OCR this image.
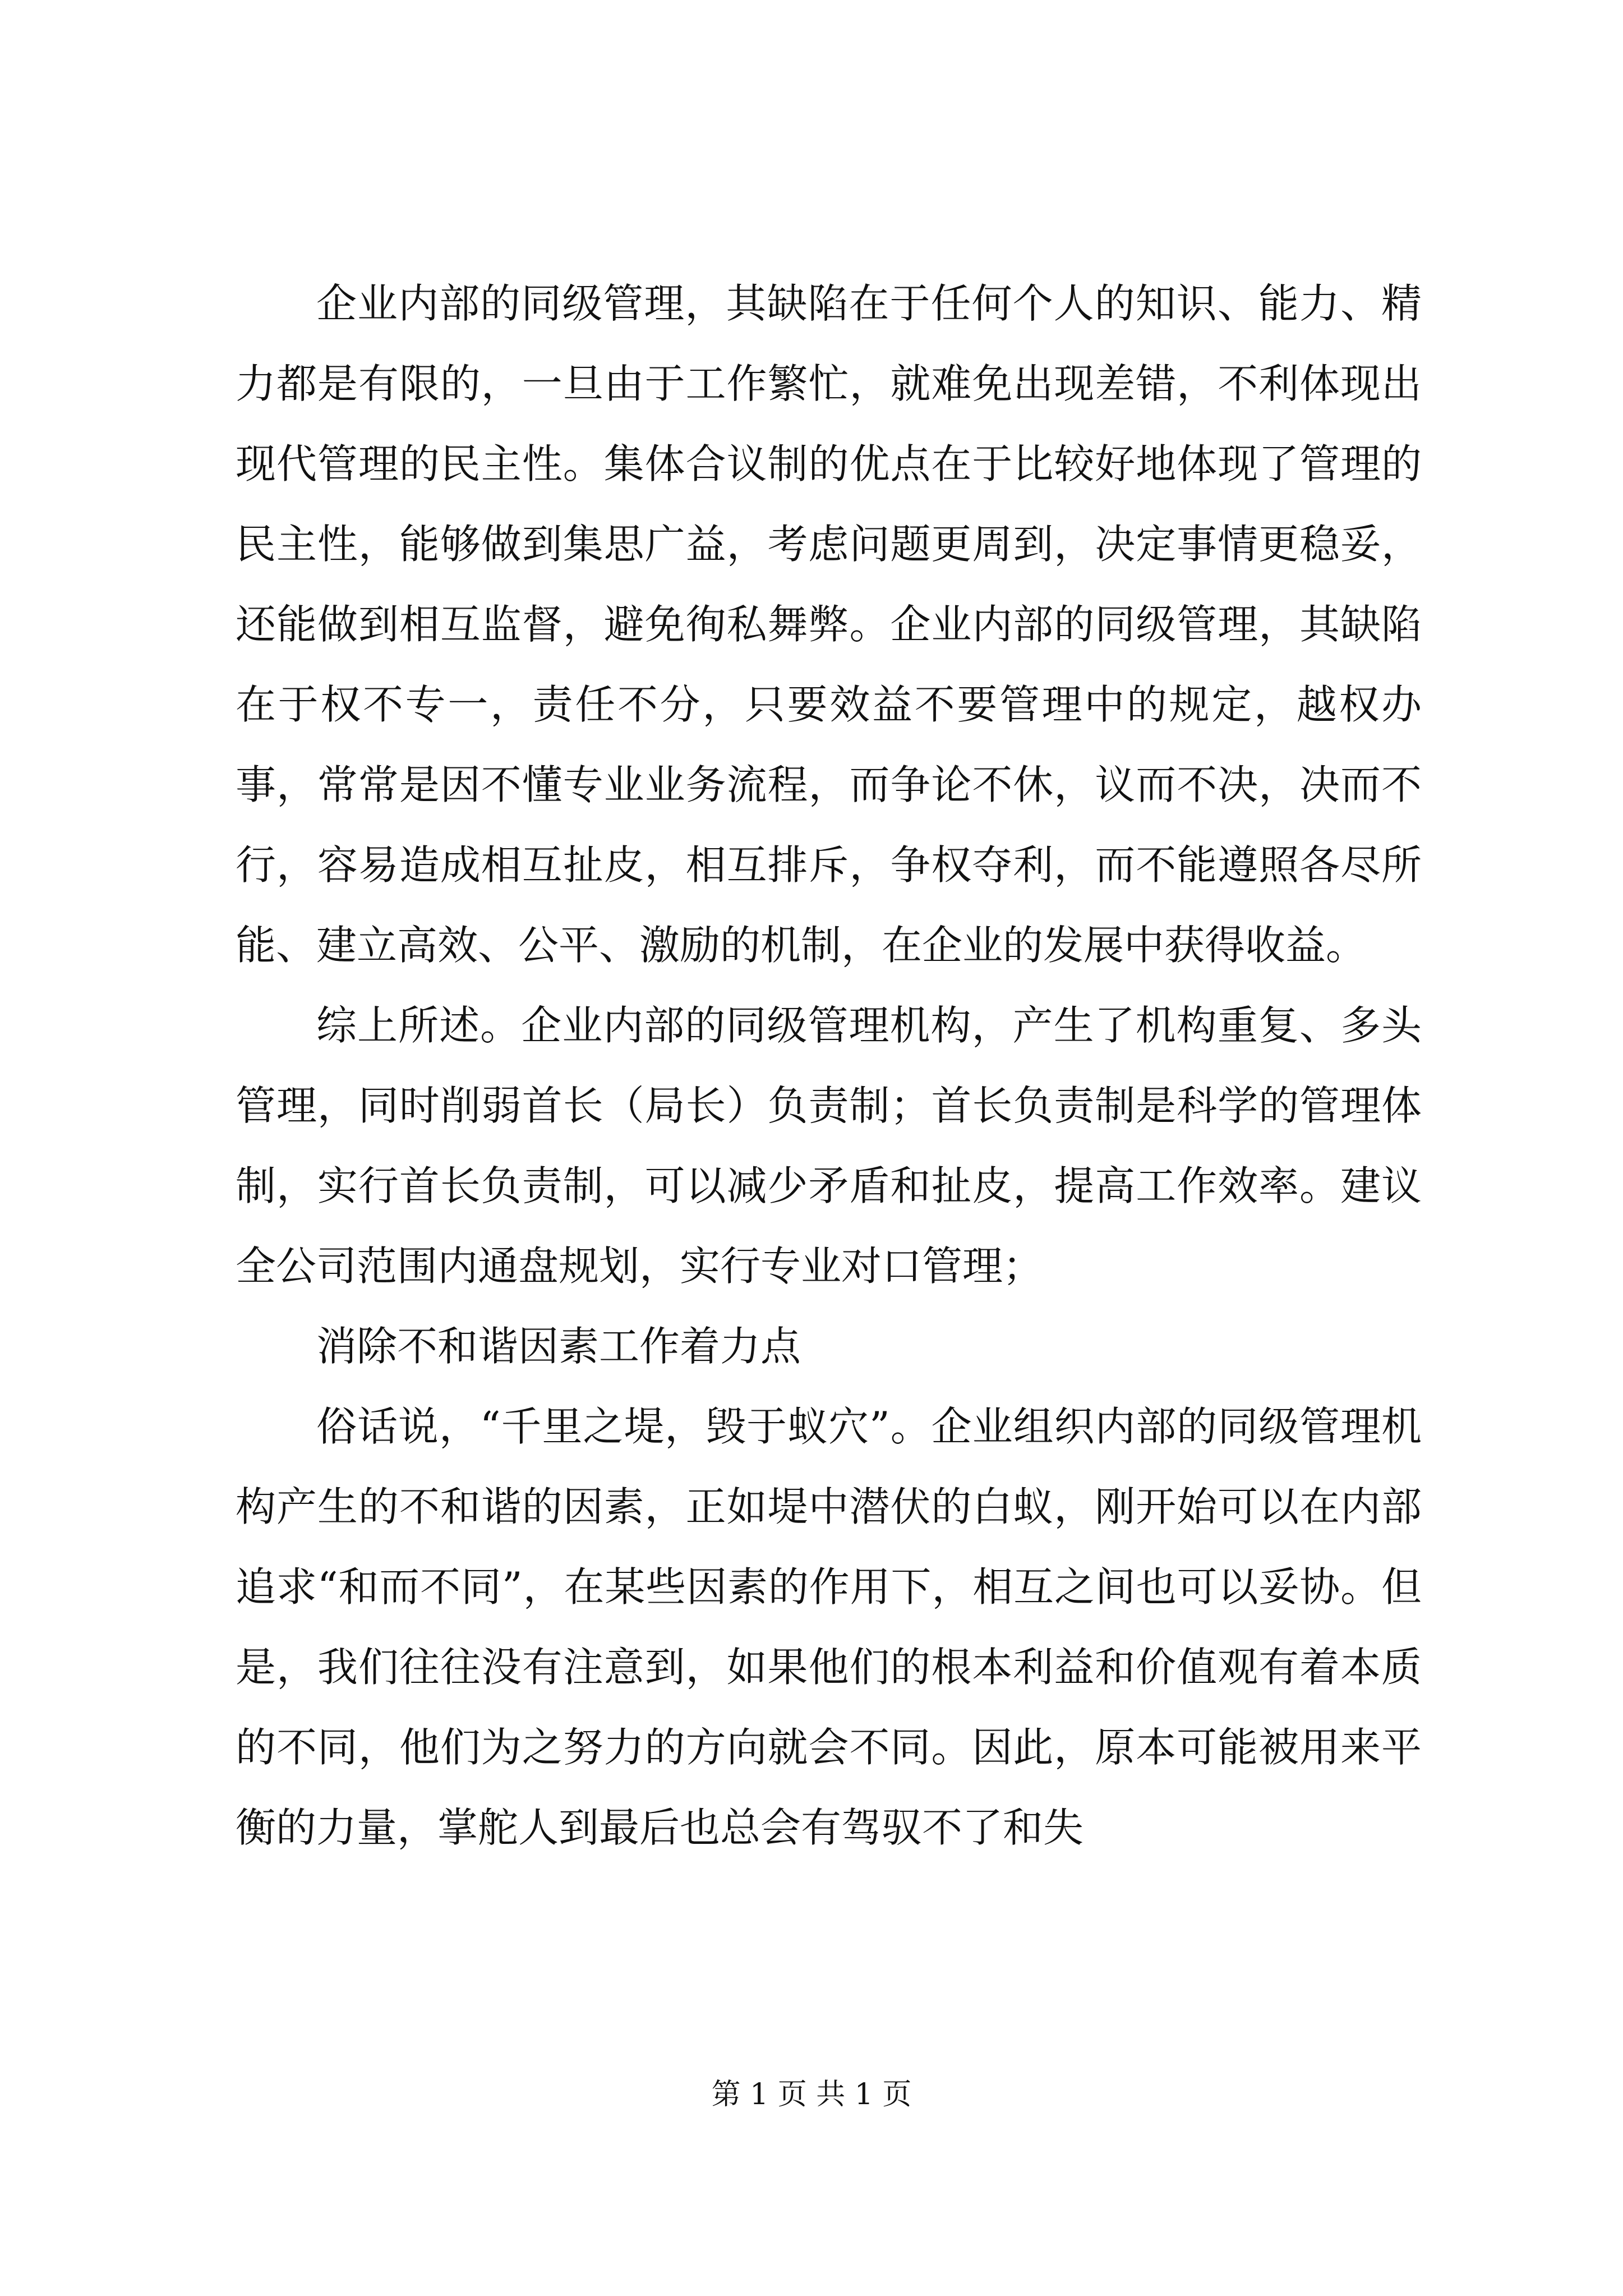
企业内部的同级管理，其缺陷在于任何个人的知识、能力、精力都是有限的，一旦由于工作繁忙，就难免出现差错，不利体现出现代管理的民主性。集体合议制的优点在于比较好地体现了管理的民主性，能够做到集思广益，考虑问题更周到，决定事情更稳妥，还能做到相互监督，避免徇私舞弊。企业内部的同级管理，其缺陷在于权不专一，责任不分，只要效益不要管理中的规定，越权办事，常常是因不懂专业业务流程，而争论不休，议而不决，决而不行，容易造成相互扯皮，相互排斥，争权夺利，而不能遵照各尽所能、建立高效、公平、激励的机制，在企业的发展中获得收益。

综上所述。企业内部的同级管理机构，产生了机构重复、多头管理，同时削弱首长（局长）负责制；首长负责制是科学的管理体制，实行首长负责制，可以减少矛盾和扯皮，提高工作效率。建议全公司范围内通盘规划，实行专业对口管理；

消除不和谐因素工作着力点

俗话说，“千里之堤，毁于蚁穴”。企业组织内部的同级管理机构产生的不和谐的因素，正如堤中潜伏的白蚁，刚开始可以在内部追求“和而不同”，在某些因素的作用下，相互之间也可以妥协。但是，我们往往没有注意到，如果他们的根本利益和价值观有着本质的不同，他们为之努力的方向就会不同。因此，原本可能被用来平衡的力量，掌舵人到最后也总会有驾驭不了和失

第 1 页 共 1 页
